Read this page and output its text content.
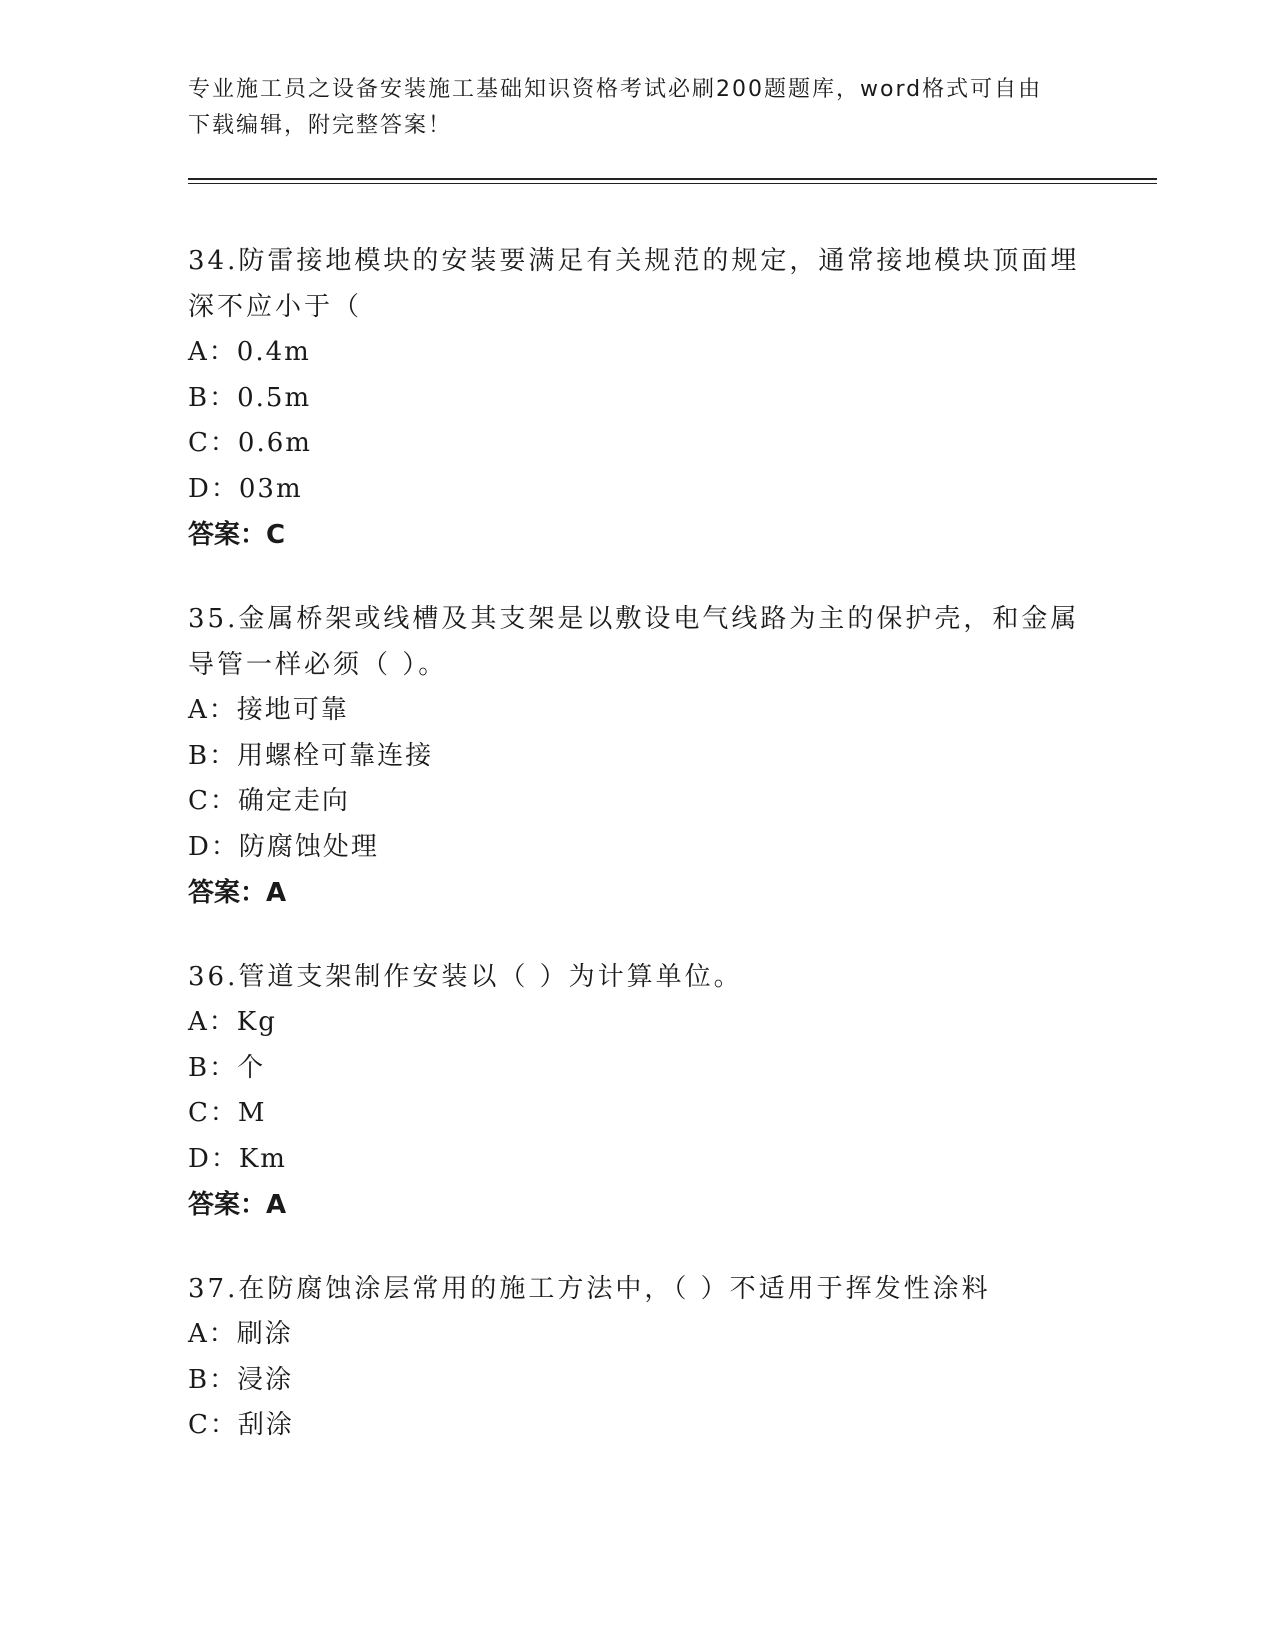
专业施工员之设备安装施工基础知识资格考试必刷200题题库，word格式可自由
下载编辑，附完整答案！

34.防雷接地模块的安装要满足有关规范的规定，通常接地模块顶面埋
深不应小于（

A：0.4m

B：0.5m

C：0.6m

D：03m

答案：C

35.金属桥架或线槽及其支架是以敷设电气线路为主的保护壳，和金属
导管一样必须（ ）。

A：接地可靠

B：用螺栓可靠连接

C：确定走向

D：防腐蚀处理

答案：A

36.管道支架制作安装以（ ）为计算单位。

A：Kg

B：个

C：M

D：Km

答案：A

37.在防腐蚀涂层常用的施工方法中，（ ）不适用于挥发性涂料

A：刷涂

B：浸涂

C：刮涂
